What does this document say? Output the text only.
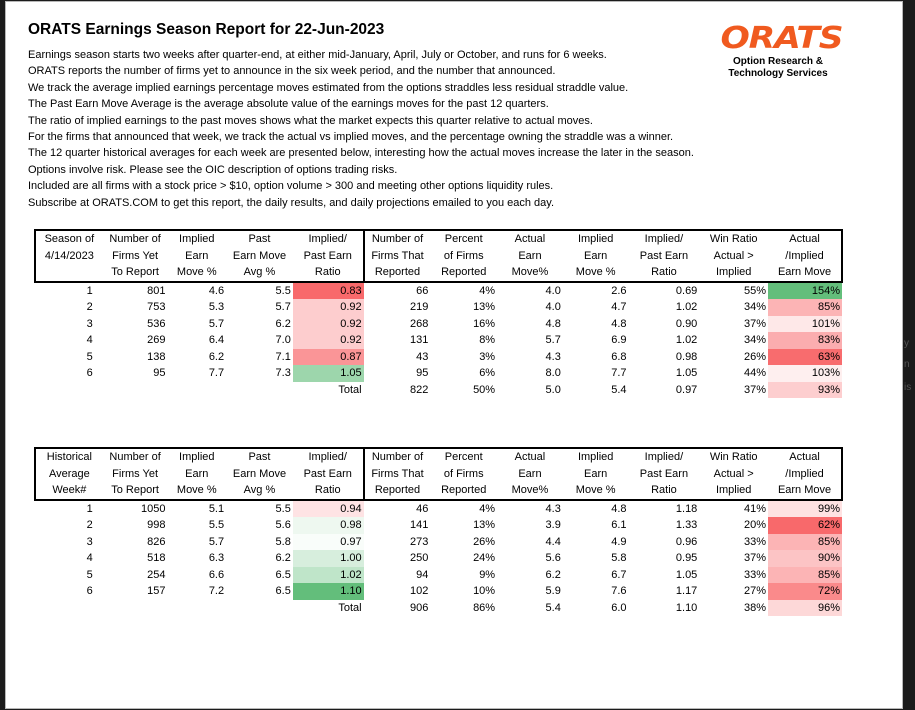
ORATS Earnings Season Report for 22-Jun-2023
Earnings season starts two weeks after quarter-end, at either mid-January, April, July or October, and runs for 6 weeks.
ORATS reports the number of firms yet to announce in the six week period, and the number that announced.
We track the average implied earnings percentage moves estimated from the options straddles less residual straddle value.
The Past Earn Move Average is the average absolute value of the earnings moves for the past 12 quarters.
The ratio of implied earnings to the past moves shows what the market expects this quarter relative to actual moves.
For the firms that announced that week, we track the actual vs implied moves, and the percentage owning the straddle was a winner.
The 12 quarter historical averages for each week are presented below, interesting how the actual moves increase the later in the season.
Options involve risk. Please see the OIC description of options trading risks.
Included are all firms with a stock price > $10, option volume > 300 and meeting other options liquidity rules.
Subscribe at ORATS.COM to get this report, the daily results, and daily projections emailed to you each day.
ORATS
Option Research &
Technology Services
Season of	Number of	Implied	Past	Implied/	Number of	Percent	Actual	Implied	Implied/	Win Ratio	Actual
4/14/2023	Firms Yet	Earn	Earn Move	Past Earn	Firms That	of Firms	Earn	Earn	Past Earn	Actual >	/Implied
	To Report	Move %	Avg %	Ratio	Reported	Reported	Move%	Move %	Ratio	Implied	Earn Move
1	801	4.6	5.5	0.83	66	4%	4.0	2.6	0.69	55%	154%
2	753	5.3	5.7	0.92	219	13%	4.0	4.7	1.02	34%	85%
3	536	5.7	6.2	0.92	268	16%	4.8	4.8	0.90	37%	101%
4	269	6.4	7.0	0.92	131	8%	5.7	6.9	1.02	34%	83%
5	138	6.2	7.1	0.87	43	3%	4.3	6.8	0.98	26%	63%
6	95	7.7	7.3	1.05	95	6%	8.0	7.7	1.05	44%	103%
				Total	822	50%	5.0	5.4	0.97	37%	93%
Historical	Number of	Implied	Past	Implied/	Number of	Percent	Actual	Implied	Implied/	Win Ratio	Actual
Average	Firms Yet	Earn	Earn Move	Past Earn	Firms That	of Firms	Earn	Earn	Past Earn	Actual >	/Implied
Week#	To Report	Move %	Avg %	Ratio	Reported	Reported	Move%	Move %	Ratio	Implied	Earn Move
1	1050	5.1	5.5	0.94	46	4%	4.3	4.8	1.18	41%	99%
2	998	5.5	5.6	0.98	141	13%	3.9	6.1	1.33	20%	62%
3	826	5.7	5.8	0.97	273	26%	4.4	4.9	0.96	33%	85%
4	518	6.3	6.2	1.00	250	24%	5.6	5.8	0.95	37%	90%
5	254	6.6	6.5	1.02	94	9%	6.2	6.7	1.05	33%	85%
6	157	7.2	6.5	1.10	102	10%	5.9	7.6	1.17	27%	72%
				Total	906	86%	5.4	6.0	1.10	38%	96%
y
n
is
